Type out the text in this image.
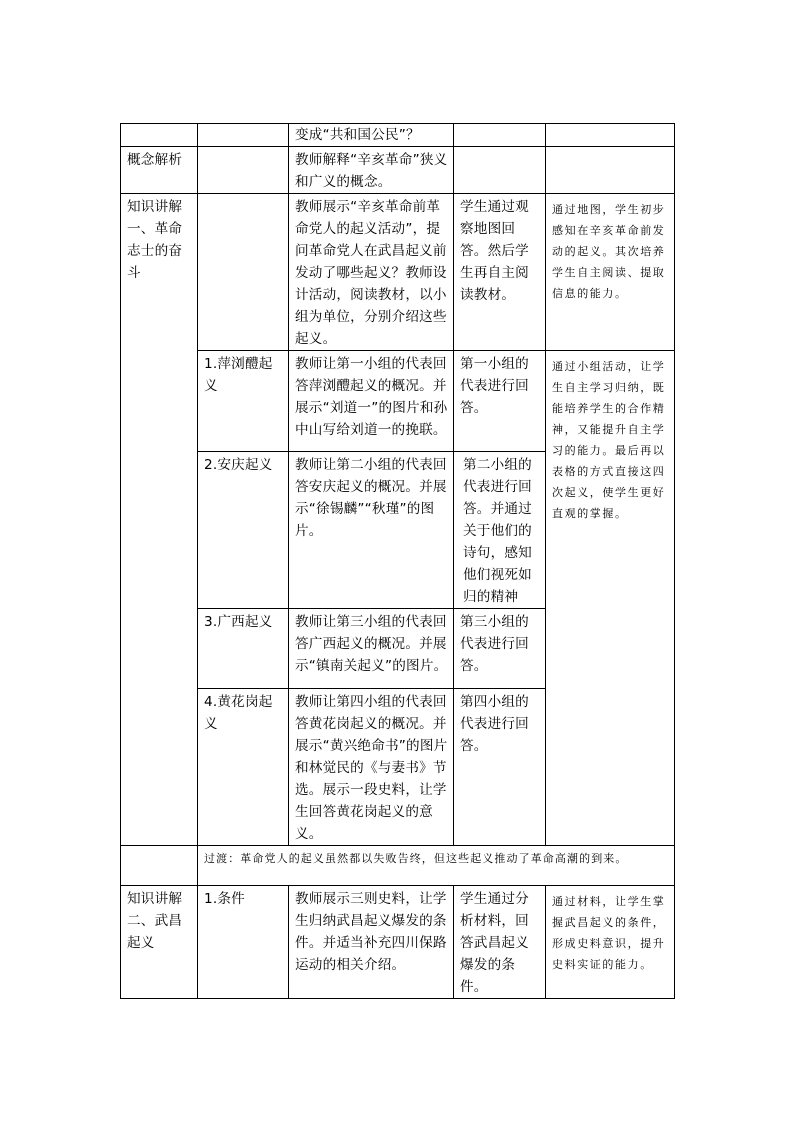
		变成“共和国公民”？		

概念解析		教师解释“辛亥革命”狭义和广义的概念。		

知识讲解一、革命志士的奋斗		教师展示“辛亥革命前革命党人的起义活动”，提问革命党人在武昌起义前发动了哪些起义？教师设计活动，阅读教材，以小组为单位，分别介绍这些起义。	学生通过观察地图回答。然后学生再自主阅读教材。	通过地图，学生初步感知在辛亥革命前发动的起义。其次培养学生自主阅读、提取信息的能力。

	1.萍浏醴起义	教师让第一小组的代表回答萍浏醴起义的概况。并展示“刘道一”的图片和孙中山写给刘道一的挽联。	第一小组的代表进行回答。	通过小组活动，让学生自主学习归纳，既能培养学生的合作精神，又能提升自主学习的能力。最后再以表格的方式直接这四次起义，使学生更好直观的掌握。

	2.安庆起义	教师让第二小组的代表回答安庆起义的概况。并展示“徐锡麟”“秋瑾”的图片。	第二小组的代表进行回答。并通过关于他们的诗句，感知他们视死如归的精神	

	3.广西起义	教师让第三小组的代表回答广西起义的概况。并展示“镇南关起义”的图片。	第三小组的代表进行回答。	

	4.黄花岗起义	教师让第四小组的代表回答黄花岗起义的概况。并展示“黄兴绝命书”的图片和林觉民的《与妻书》节选。展示一段史料，让学生回答黄花岗起义的意义。	第四小组的代表进行回答。	

	过渡：革命党人的起义虽然都以失败告终，但这些起义推动了革命高潮的到来。			

知识讲解二、武昌起义	1.条件	教师展示三则史料，让学生归纳武昌起义爆发的条件。并适当补充四川保路运动的相关介绍。	学生通过分析材料，回答武昌起义爆发的条件。	通过材料，让学生掌握武昌起义的条件，形成史料意识，提升史料实证的能力。
